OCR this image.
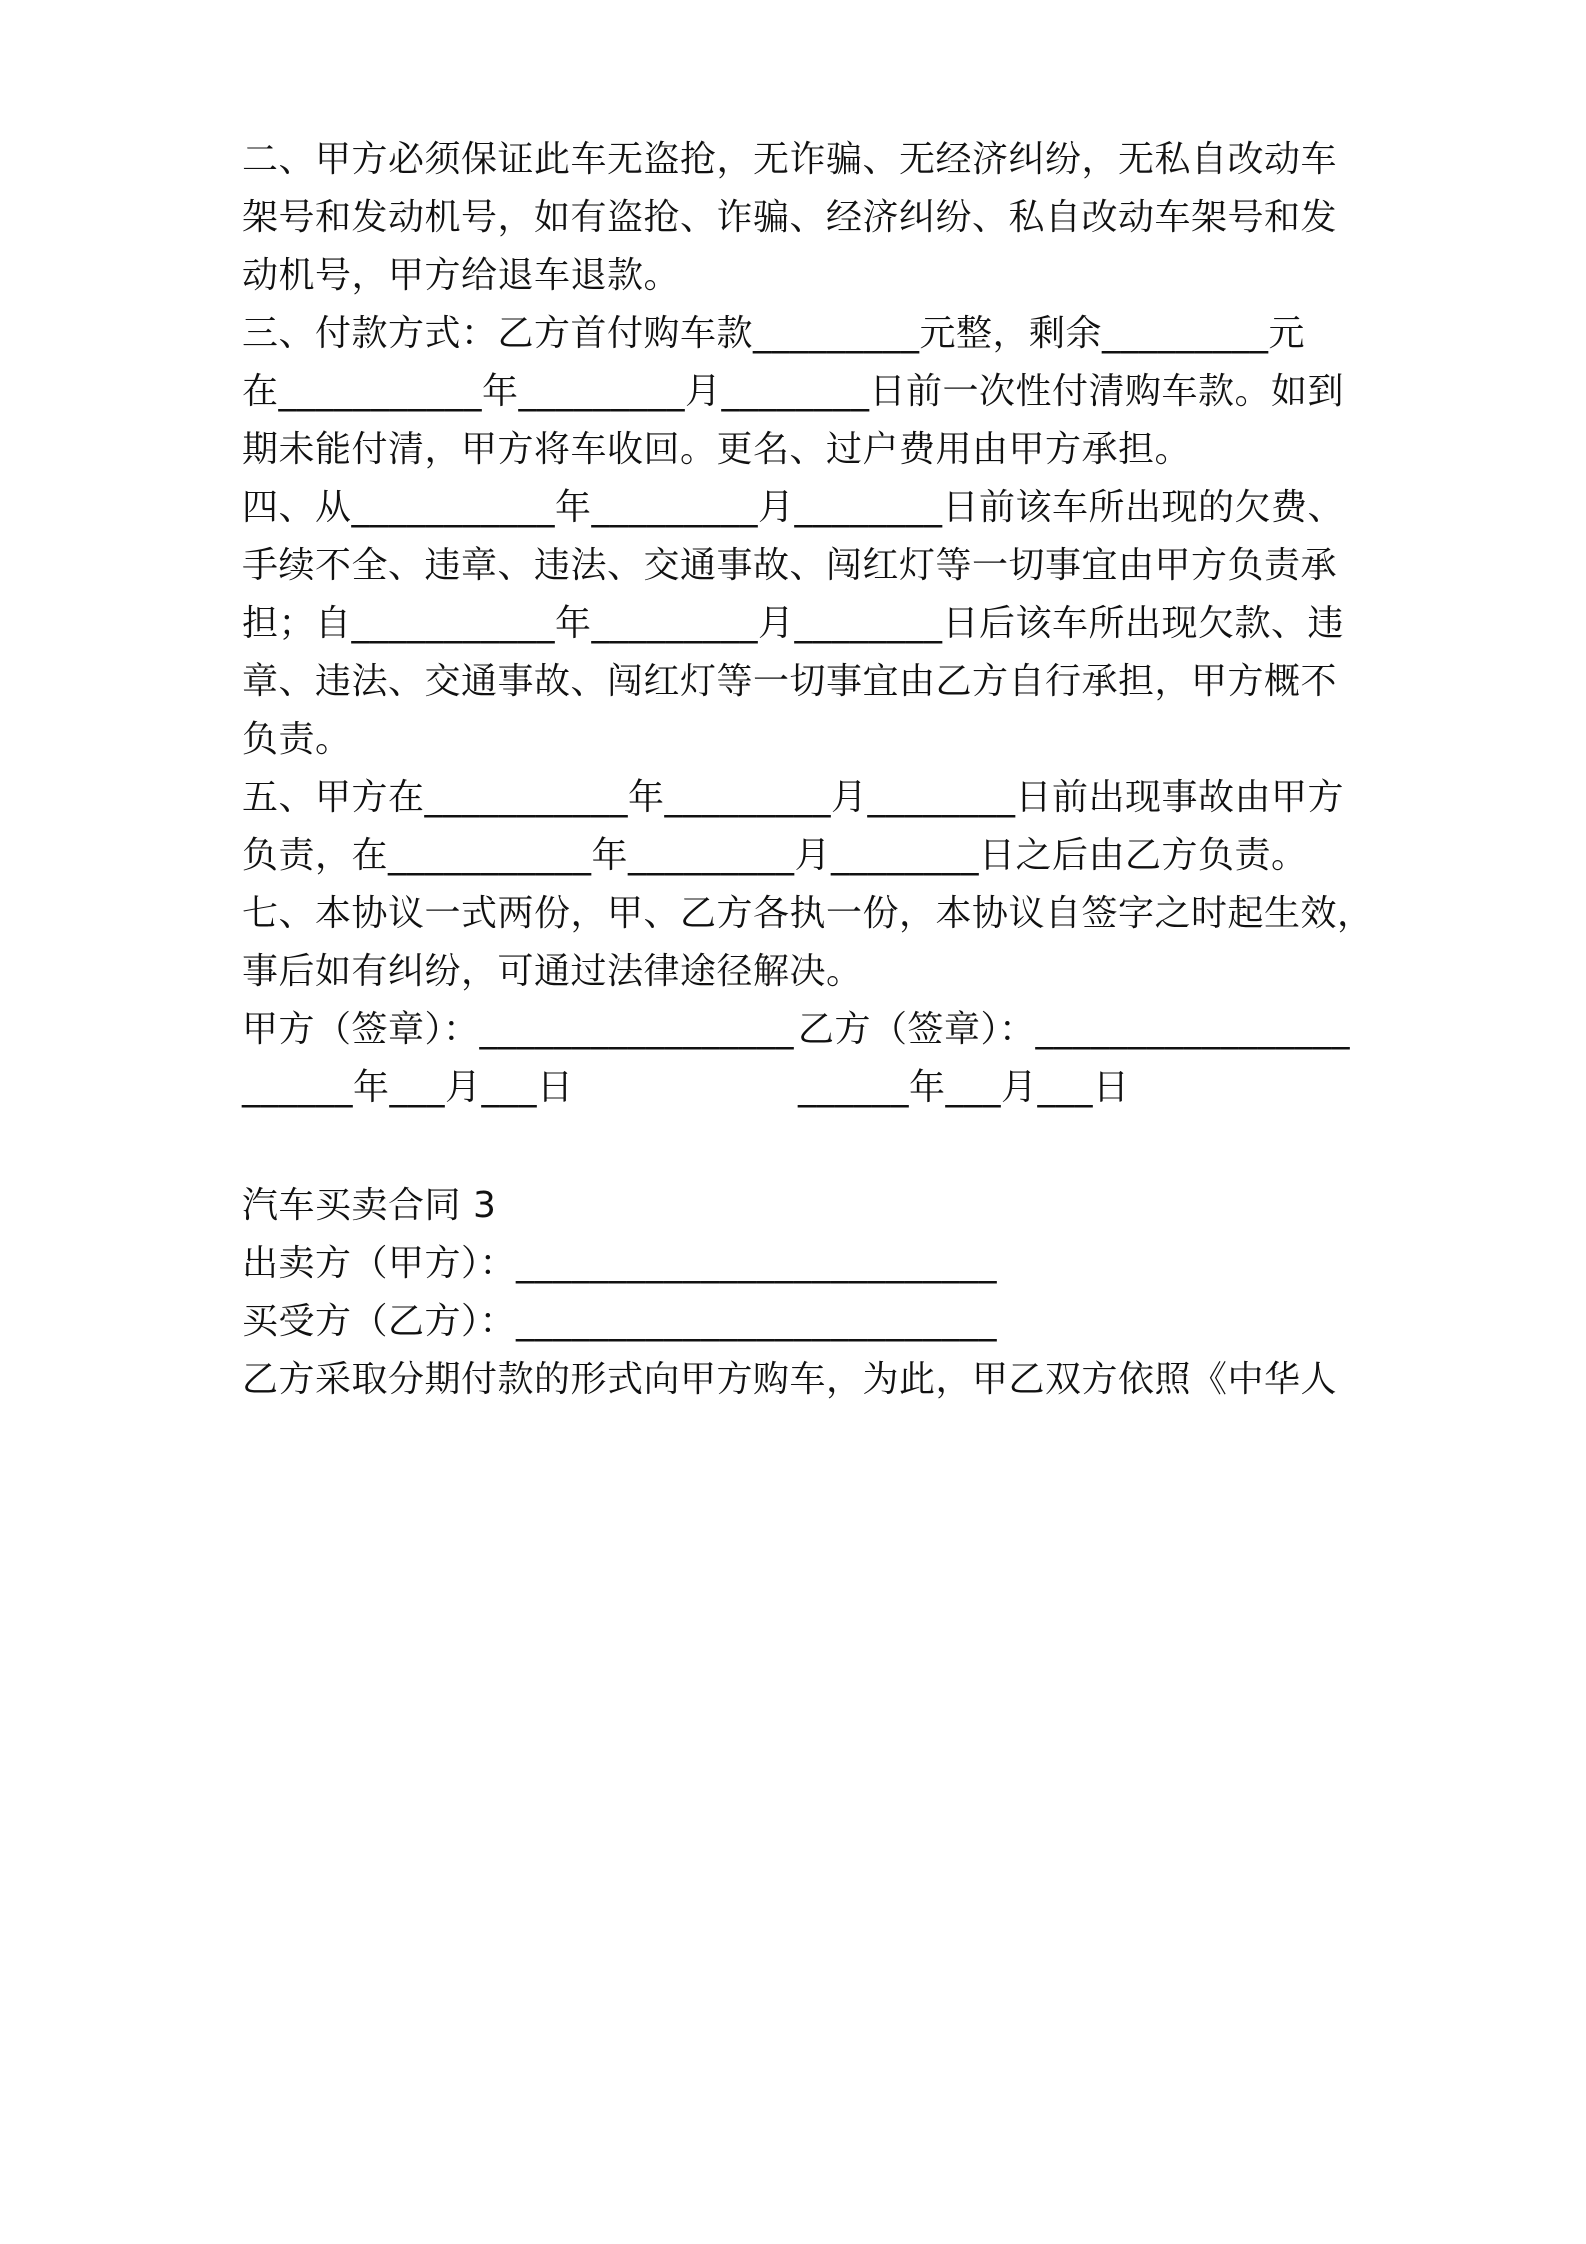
二、甲方必须保证此车无盗抢，无诈骗、无经济纠纷，无私自改动车
架号和发动机号，如有盗抢、诈骗、经济纠纷、私自改动车架号和发
动机号，甲方给退车退款。
三、付款方式：乙方首付购车款_________元整，剩余_________元
在___________年_________月________日前一次性付清购车款。如到
期未能付清，甲方将车收回。更名、过户费用由甲方承担。
四、从___________年_________月________日前该车所出现的欠费、
手续不全、违章、违法、交通事故、闯红灯等一切事宜由甲方负责承
担；自___________年_________月________日后该车所出现欠款、违
章、违法、交通事故、闯红灯等一切事宜由乙方自行承担，甲方概不
负责。
五、甲方在___________年_________月________日前出现事故由甲方
负责，在___________年_________月________日之后由乙方负责。
七、本协议一式两份，甲、乙方各执一份，本协议自签字之时起生效，
事后如有纠纷，可通过法律途径解决。
甲方（签章）：_________________ 乙方（签章）：_________________
______年___月___日	______年___月___日
汽车买卖合同 3
出卖方（甲方）：__________________________
买受方（乙方）：__________________________
乙方采取分期付款的形式向甲方购车，为此，甲乙双方依照《中华人
